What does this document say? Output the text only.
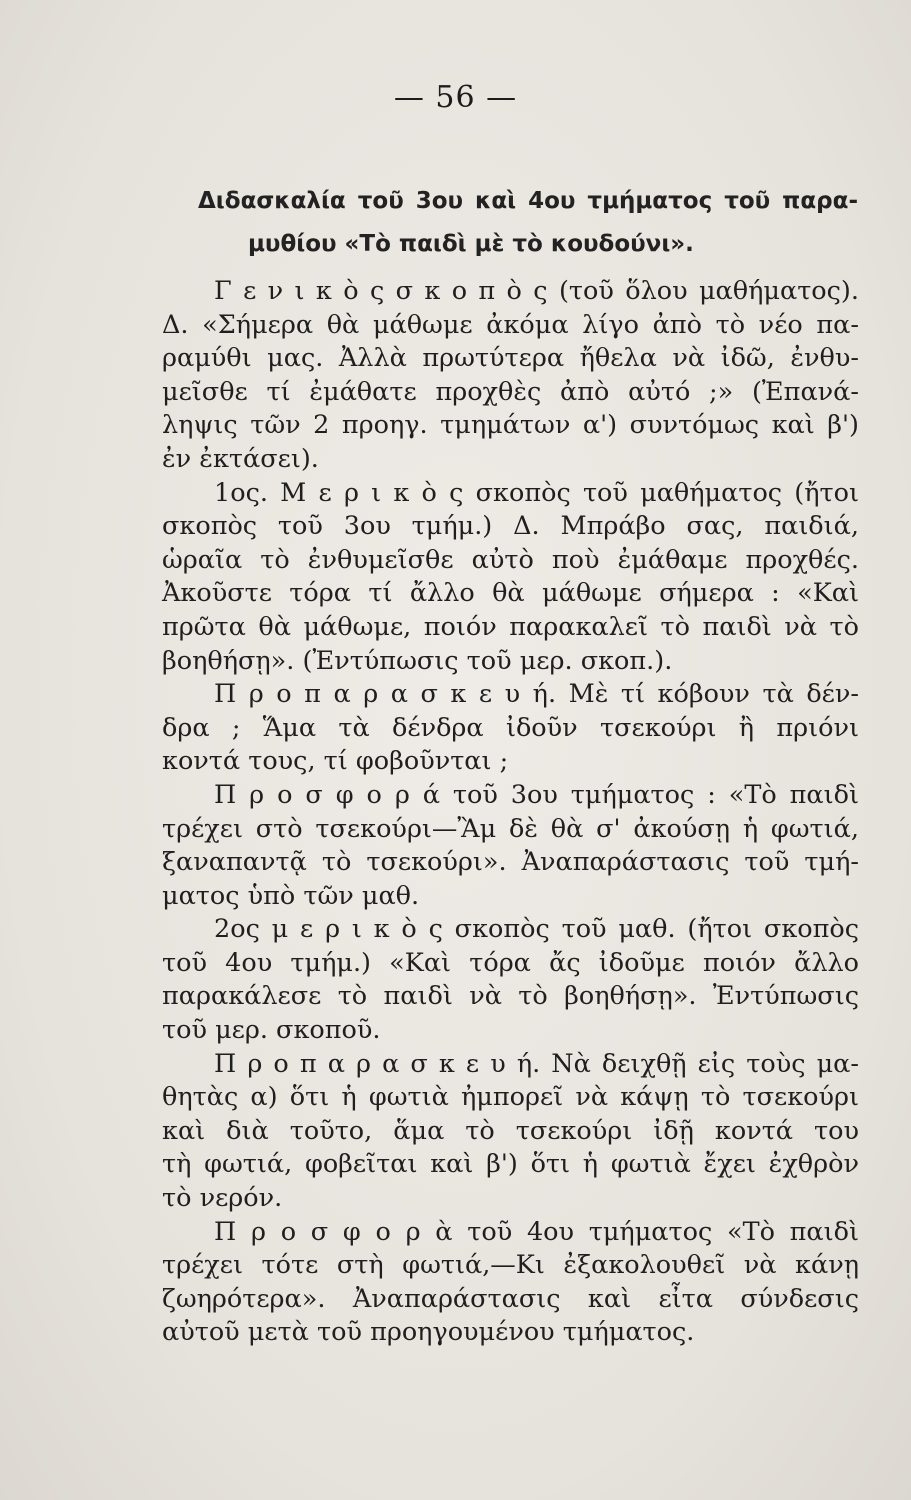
— 56 —
Διδασκαλία τοῦ 3ου καὶ 4ου τμήματος τοῦ παρα-
μυθίου «Τὸ παιδὶ μὲ τὸ κουδούνι».
Γ ε ν ι κ ὸ ς σ κ ο π ὸ ς (τοῦ ὅλου μαθήματος).
Δ. «Σήμερα θὰ μάθωμε ἀκόμα λίγο ἀπὸ τὸ νέο πα-
ραμύθι μας. Ἀλλὰ πρωτύτερα ἤθελα νὰ ἰδῶ, ἐνθυ-
μεῖσθε τί ἐμάθατε προχθὲς ἀπὸ αὐτό ;» (Ἐπανά-
ληψις τῶν 2 προηγ. τμημάτων α') συντόμως καὶ β')
ἐν ἐκτάσει).
1ος. Μ ε ρ ι κ ὸ ς σκοπὸς τοῦ μαθήματος (ἤτοι
σκοπὸς τοῦ 3ου τμήμ.) Δ. Μπράβο σας, παιδιά,
ὡραῖα τὸ ἐνθυμεῖσθε αὐτὸ ποὺ ἐμάθαμε προχθές.
Ἀκοῦστε τόρα τί ἄλλο θὰ μάθωμε σήμερα : «Καὶ
πρῶτα θὰ μάθωμε, ποιόν παρακαλεῖ τὸ παιδὶ νὰ τὸ
βοηθήσῃ». (Ἐντύπωσις τοῦ μερ. σκοπ.).
Π ρ ο π α ρ α σ κ ε υ ή. Μὲ τί κόβουν τὰ δέν-
δρα ; Ἅμα τὰ δένδρα ἰδοῦν τσεκούρι ἢ πριόνι
κοντά τους, τί φοβοῦνται ;
Π ρ ο σ φ ο ρ ά τοῦ 3ου τμήματος : «Τὸ παιδὶ
τρέχει στὸ τσεκούρι—Ἂμ δὲ θὰ σ' ἀκούσῃ ἡ φωτιά,
ξαναπαντᾷ τὸ τσεκούρι». Ἀναπαράστασις τοῦ τμή-
ματος ὑπὸ τῶν μαθ.
2ος μ ε ρ ι κ ὸ ς σκοπὸς τοῦ μαθ. (ἤτοι σκοπὸς
τοῦ 4ου τμήμ.) «Καὶ τόρα ἄς ἰδοῦμε ποιόν ἄλλο
παρακάλεσε τὸ παιδὶ νὰ τὸ βοηθήσῃ». Ἐντύπωσις
τοῦ μερ. σκοποῦ.
Π ρ ο π α ρ α σ κ ε υ ή. Νὰ δειχθῇ εἰς τοὺς μα-
θητὰς α) ὅτι ἡ φωτιὰ ἠμπορεῖ νὰ κάψῃ τὸ τσεκούρι
καὶ διὰ τοῦτο, ἅμα τὸ τσεκούρι ἰδῇ κοντά του
τὴ φωτιά, φοβεῖται καὶ β') ὅτι ἡ φωτιὰ ἔχει ἐχθρὸν
τὸ νερόν.
Π ρ ο σ φ ο ρ ὰ τοῦ 4ου τμήματος «Τὸ παιδὶ
τρέχει τότε στὴ φωτιά,—Κι ἐξακολουθεῖ νὰ κάνῃ
ζωηρότερα». Ἀναπαράστασις καὶ εἶτα σύνδεσις
αὐτοῦ μετὰ τοῦ προηγουμένου τμήματος.
